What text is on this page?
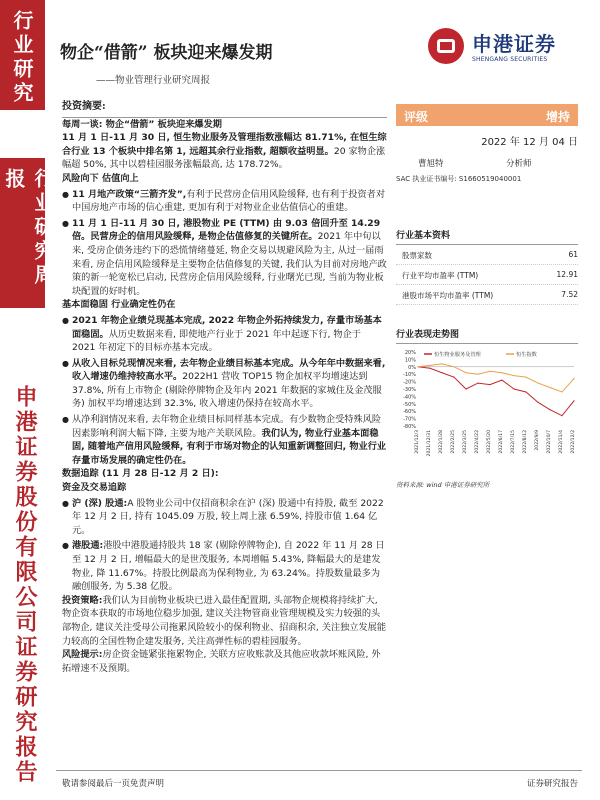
行业研究
行业研究周报
申港证券股份有限公司证券研究报告
物企“借箭” 板块迎来爆发期
——物业管理行业研究周报
申港证券
SHENGANG SECURITIES

投资摘要:

每周一谈: 物企“借箭” 板块迎来爆发期

11 月 1 日-11 月 30 日, 恒生物业服务及管理指数涨幅达 81.71%, 在恒生综合行业 13 个板块中排名第 1, 远超其余行业指数, 超额收益明显。20 家物企涨幅超 50%, 其中以碧桂园服务涨幅最高, 达 178.72%。

风险向下 估值向上

● 11 月地产政策“三箭齐发”,有利于民营房企信用风险缓释, 也有利于投资者对中国房地产市场的信心重建, 更加有利于对物业企业估值信心的重建。

● 11 月 1 日-11 月 30 日, 港股物业 PE (TTM) 由 9.03 倍回升至 14.29 倍。民营房企的信用风险缓释, 是物企估值修复的关键所在。2021 年中旬以来, 受房企债务违约下的恐慌情绪蔓延, 物企交易以规避风险为主, 从过一届雨来看, 房企信用风险缓释是主要物企估值修复的关键, 我们认为目前对房地产政策的新一轮宽松已启动, 民营房企信用风险缓释, 行业曙光已现, 当前为物业板块配置的好时机。

基本面稳固 行业确定性仍在

● 2021 年物企业绩兑现基本完成, 2022 年物企外拓持续发力, 存量市场基本面稳固。从历史数据来看, 即使地产行业于 2021 年中起逐下行, 物企于 2021 年初定下的目标亦基本完成。

● 从收入目标兑现情况来看, 去年物企业绩目标基本完成。从今年年中数据来看, 收入增速仍维持较高水平。2022H1 营收 TOP15 物企加权平均增速达到 37.8%, 所有上市物企 (剔除停牌物企及年内 2021 年数据的家城住及金茂服务) 加权平均增速达到 32.3%, 收入增速仍保持在较高水平。

● 从净利润情况来看, 去年物企业绩目标同样基本完成。有少数物企受特殊风险因素影响利润大幅下降, 主要为地产关联风险。我们认为, 物业行业基本面稳固, 随着地产信用风险缓释, 有利于市场对物企的认知重新调整回归, 物业行业存量市场发展的确定性仍在。

数据追踪 (11 月 28 日-12 月 2 日):

资金及交易追踪

● 沪 (深) 股通:A 股物业公司中仅招商积余在沪 (深) 股通中有持股, 截至 2022 年 12 月 2 日, 持有 1045.09 万股, 较上周上涨 6.59%, 持股市值 1.64 亿元。

● 港股通:港股中港股通持股共 18 家 (剔除停牌物企), 自 2022 年 11 月 28 日至 12 月 2 日, 增幅最大的是世茂服务, 本周增幅 5.43%, 降幅最大的是建发物业, 降 11.67%。持股比例最高为保利物业, 为 63.24%。持股数量最多为融创服务, 为 5.38 亿股。

投资策略:我们认为目前物业板块已进入最佳配置期, 头部物企规模将持续扩大, 物企资本获取的市场地位稳步加强, 建议关注物管商业管理规模及实力较强的头部物企, 建议关注受母公司拖累风险较小的保利物业、招商积余, 关注独立发展能力较高的全国性物企建发服务, 关注高弹性标的碧桂园服务。

风险提示:房企资金链紧张拖累物企, 关联方应收账款及其他应收款坏账风险, 外拓增速不及预期。

评级	增持
2022 年 12 月 04 日
曹旭特	分析师
SAC 执业证书编号: S1660519040001
行业基本资料
股票家数	61
行业平均市盈率 (TTM)	12.91
港股市场平均市盈率 (TTM)	7.52
行业表现走势图
20%
10%
0%
-10%
-20%
-30%
-40%
-50%
-60%
-70%
-80%
2021/12/3 2021/12/31 2022/1/28 2022/2/25 2022/3/25 2022/4/22 2022/5/20 2022/6/17 2022/7/15 2022/8/12 2022/9/9 2022/10/7 2022/11/4 2022/12/2
恒生物业服务及管理	恒生指数
资料来源: wind 申港证券研究所
敬请参阅最后一页免责声明	证券研究报告
